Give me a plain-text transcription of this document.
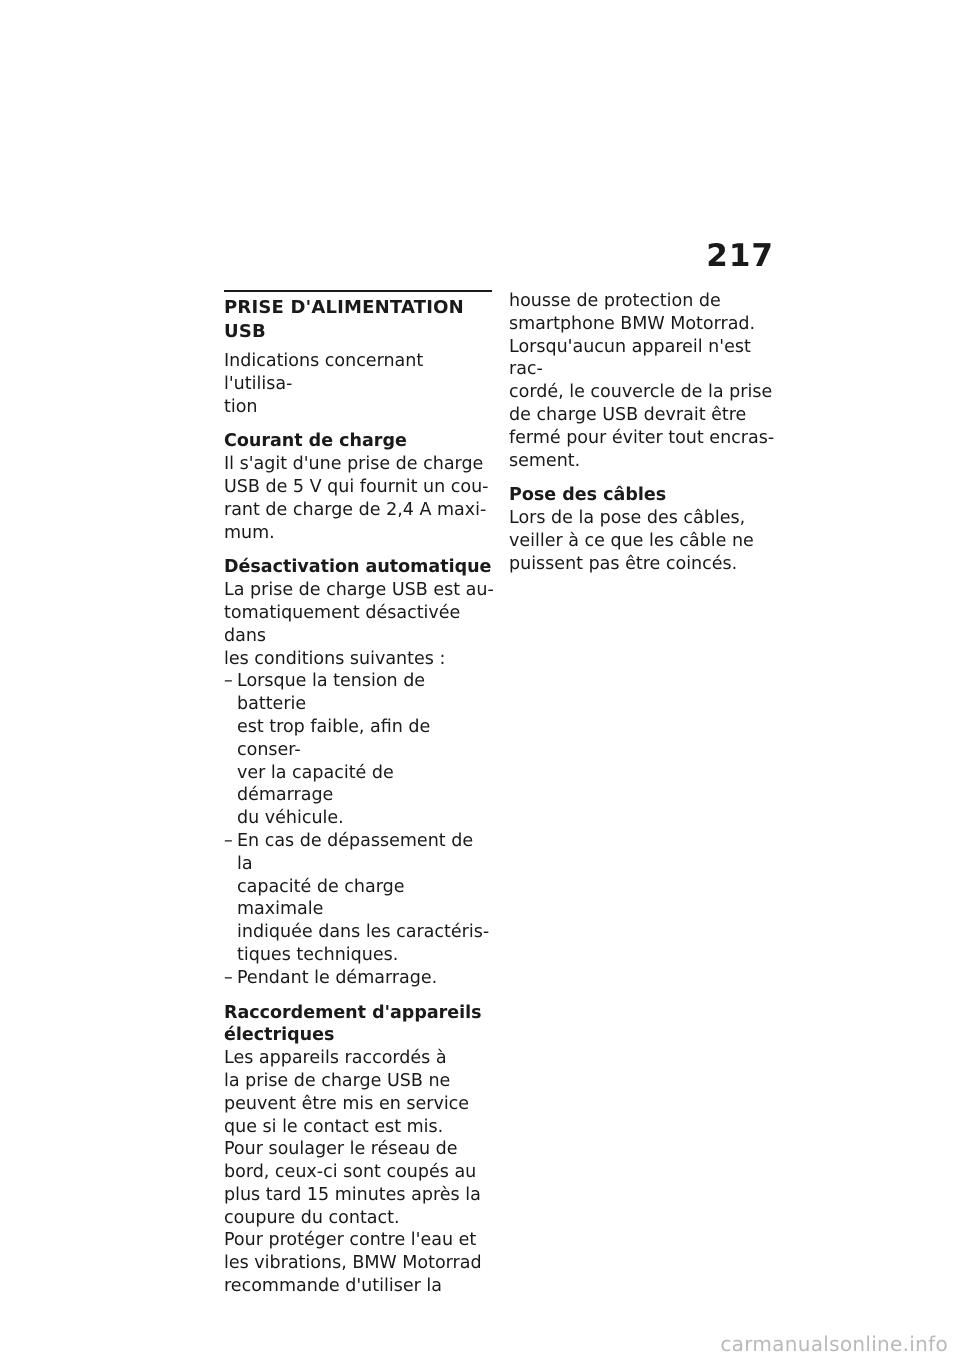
217
PRISE D'ALIMENTATION USB

Indications concernant l'utilisa-
tion

Courant de charge

Il s'agit d'une prise de charge
USB de 5 V qui fournit un cou-
rant de charge de 2,4 A maxi-
mum.

Désactivation automatique

La prise de charge USB est au-
tomatiquement désactivée dans
les conditions suivantes :

– Lorsque la tension de batterie
est trop faible, afin de conser-
ver la capacité de démarrage
du véhicule.
– En cas de dépassement de la
capacité de charge maximale
indiquée dans les caractéris-
tiques techniques.
– Pendant le démarrage.
Raccordement d'appareils
électriques

Les appareils raccordés à
la prise de charge USB ne
peuvent être mis en service
que si le contact est mis.
Pour soulager le réseau de
bord, ceux-ci sont coupés au
plus tard 15 minutes après la
coupure du contact.
Pour protéger contre l'eau et
les vibrations, BMW Motorrad
recommande d'utiliser la

housse de protection de
smartphone BMW Motorrad.
Lorsqu'aucun appareil n'est rac-
cordé, le couvercle de la prise
de charge USB devrait être
fermé pour éviter tout encras-
sement.

Pose des câbles

Lors de la pose des câbles,
veiller à ce que les câble ne
puissent pas être coincés.

carmanualsonline.info
